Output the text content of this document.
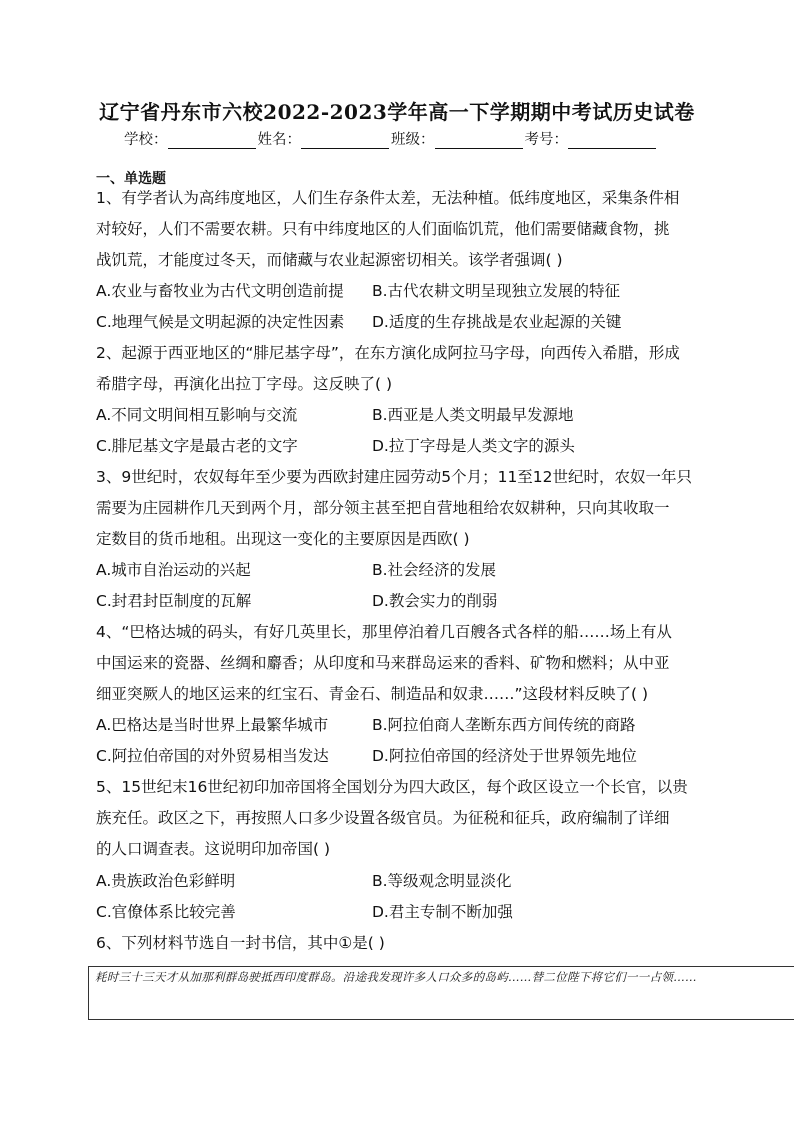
辽宁省丹东市六校2022-2023学年高一下学期期中考试历史试卷
学校：	姓名：	班级：	考号：
一、单选题
1、有学者认为高纬度地区，人们生存条件太差，无法种植。低纬度地区，采集条件相
对较好，人们不需要农耕。只有中纬度地区的人们面临饥荒，他们需要储藏食物，挑
战饥荒，才能度过冬天，而储藏与农业起源密切相关。该学者强调( )
A.农业与畜牧业为古代文明创造前提 B.古代农耕文明呈现独立发展的特征
C.地理气候是文明起源的决定性因素 D.适度的生存挑战是农业起源的关键
2、起源于西亚地区的“腓尼基字母”，在东方演化成阿拉马字母，向西传入希腊，形成
希腊字母，再演化出拉丁字母。这反映了( )
A.不同文明间相互影响与交流	B.西亚是人类文明最早发源地
C.腓尼基文字是最古老的文字	D.拉丁字母是人类文字的源头
3、9世纪时，农奴每年至少要为西欧封建庄园劳动5个月；11至12世纪时，农奴一年只
需要为庄园耕作几天到两个月，部分领主甚至把自营地租给农奴耕种，只向其收取一
定数目的货币地租。出现这一变化的主要原因是西欧( )
A.城市自治运动的兴起	B.社会经济的发展
C.封君封臣制度的瓦解	D.教会实力的削弱
4、“巴格达城的码头，有好几英里长，那里停泊着几百艘各式各样的船……场上有从
中国运来的瓷器、丝绸和麝香；从印度和马来群岛运来的香料、矿物和燃料；从中亚
细亚突厥人的地区运来的红宝石、青金石、制造品和奴隶……”这段材料反映了( )
A.巴格达是当时世界上最繁华城市	B.阿拉伯商人垄断东西方间传统的商路
C.阿拉伯帝国的对外贸易相当发达	D.阿拉伯帝国的经济处于世界领先地位
5、15世纪末16世纪初印加帝国将全国划分为四大政区，每个政区设立一个长官，以贵
族充任。政区之下，再按照人口多少设置各级官员。为征税和征兵，政府编制了详细
的人口调查表。这说明印加帝国( )
A.贵族政治色彩鲜明	B.等级观念明显淡化
C.官僚体系比较完善	D.君主专制不断加强
6、下列材料节选自一封书信，其中①是( )
耗时三十三天才从加那利群岛驶抵西印度群岛。沿途我发现许多人口众多的岛屿……替二位陛下将它们一一占领……
